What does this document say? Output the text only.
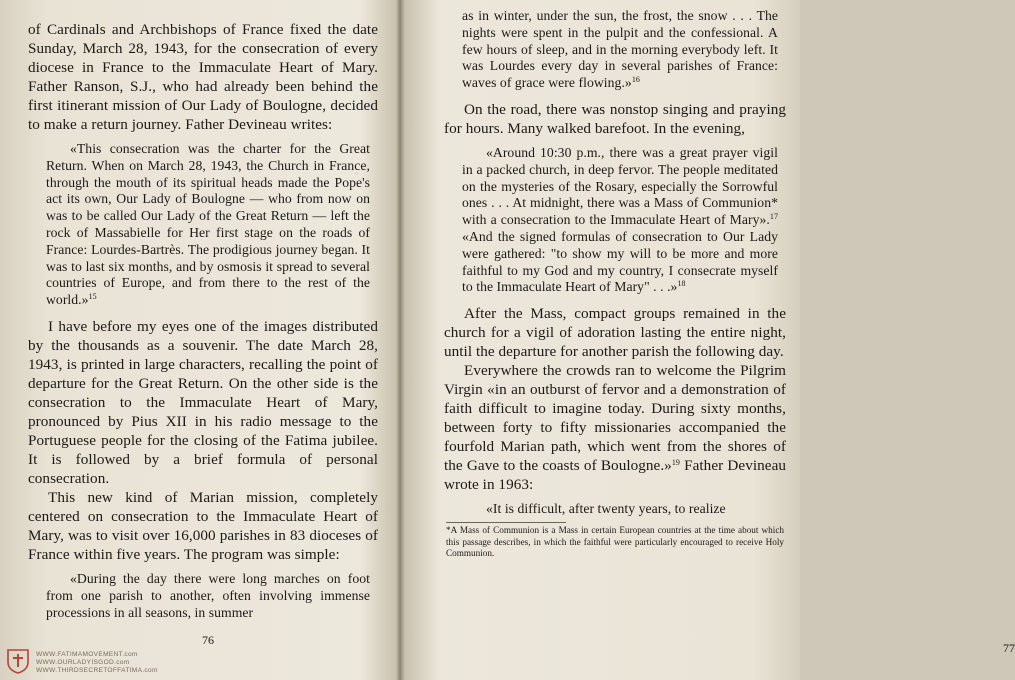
of Cardinals and Archbishops of France fixed the date Sunday, March 28, 1943, for the consecration of every diocese in France to the Immaculate Heart of Mary. Father Ranson, S.J., who had already been behind the first itinerant mission of Our Lady of Boulogne, decided to make a return journey. Father Devineau writes:

«This consecration was the charter for the Great Return. When on March 28, 1943, the Church in France, through the mouth of its spiritual heads made the Pope's act its own, Our Lady of Boulogne — who from now on was to be called Our Lady of the Great Return — left the rock of Massabielle for Her first stage on the roads of France: Lourdes-Bartrès. The prodigious journey began. It was to last six months, and by osmosis it spread to several countries of Europe, and from there to the rest of the world.»$^{15}$

I have before my eyes one of the images distributed by the thousands as a souvenir. The date March 28, 1943, is printed in large characters, recalling the point of departure for the Great Return. On the other side is the consecration to the Immaculate Heart of Mary, pronounced by Pius XII in his radio message to the Portuguese people for the closing of the Fatima jubilee. It is followed by a brief formula of personal consecration.

This new kind of Marian mission, completely centered on consecration to the Immaculate Heart of Mary, was to visit over 16,000 parishes in 83 dioceses of France within five years. The program was simple:

«During the day there were long marches on foot from one parish to another, often involving immense processions in all seasons, in summer

76

as in winter, under the sun, the frost, the snow . . . The nights were spent in the pulpit and the confessional. A few hours of sleep, and in the morning everybody left. It was Lourdes every day in several parishes of France: waves of grace were flowing.»$^{16}$

On the road, there was nonstop singing and praying for hours. Many walked barefoot. In the evening,

«Around 10:30 p.m., there was a great prayer vigil in a packed church, in deep fervor. The people meditated on the mysteries of the Rosary, especially the Sorrowful ones . . . At midnight, there was a Mass of Communion* with a consecration to the Immaculate Heart of Mary».$^{17}$ «And the signed formulas of consecration to Our Lady were gathered: "to show my will to be more and more faithful to my God and my country, I consecrate myself to the Immaculate Heart of Mary" . . .»$^{18}$

After the Mass, compact groups remained in the church for a vigil of adoration lasting the entire night, until the departure for another parish the following day.

Everywhere the crowds ran to welcome the Pilgrim Virgin «in an outburst of fervor and a demonstration of faith difficult to imagine today. During sixty months, between forty to fifty missionaries accompanied the fourfold Marian path, which went from the shores of the Gave to the coasts of Boulogne.»$^{19}$ Father Devineau wrote in 1963:

«It is difficult, after twenty years, to realize

*A Mass of Communion is a Mass in certain European countries at the time about which this passage describes, in which the faithful were particularly encouraged to receive Holy Communion.
77
WWW.FATIMAMOVEMENT.com
WWW.OURLADYISGOD.com
WWW.THIRDSECRETOFFATIMA.com
